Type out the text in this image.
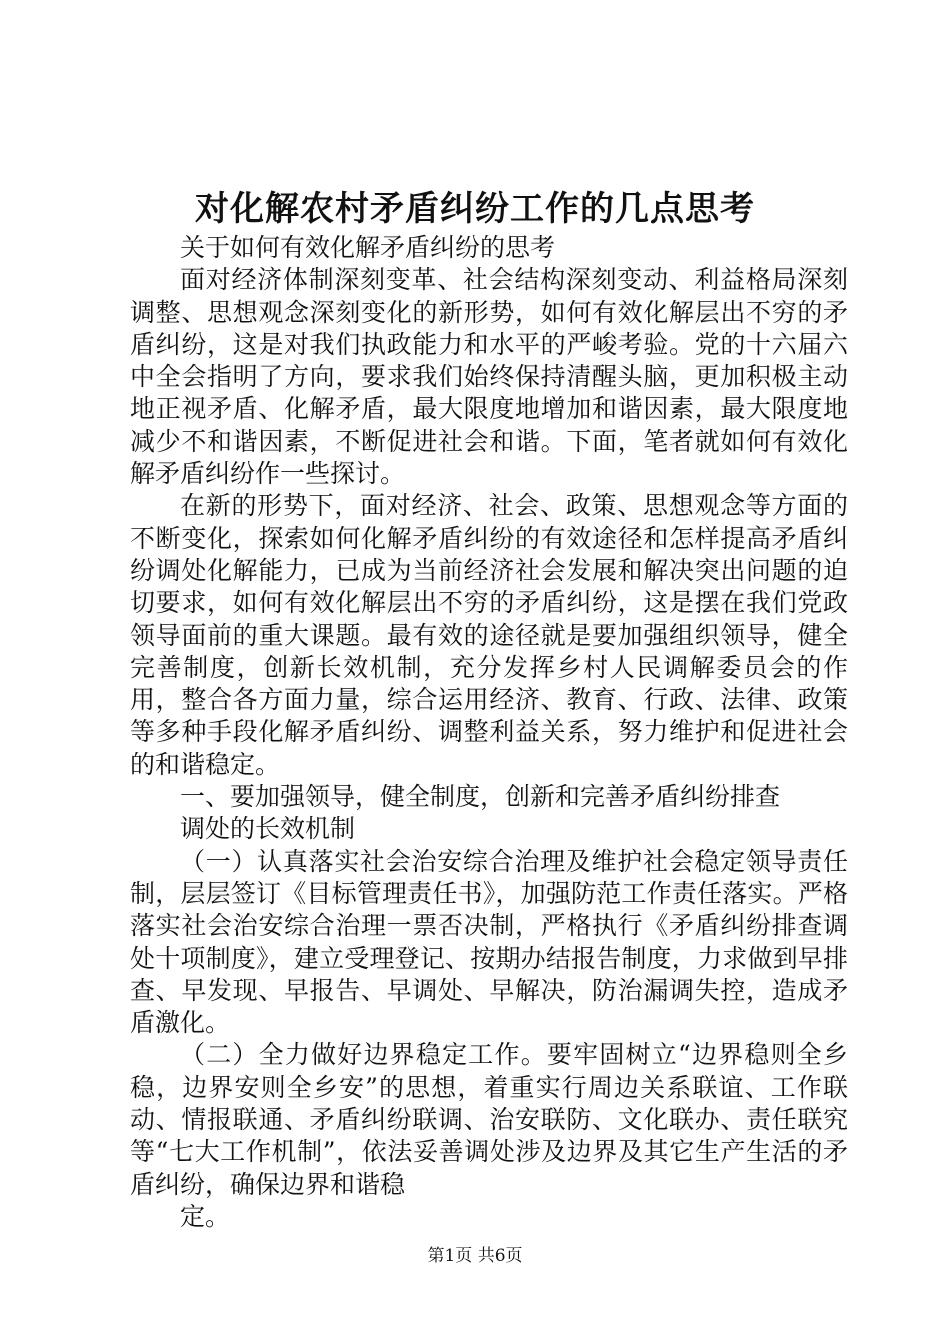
对化解农村矛盾纠纷工作的几点思考

关于如何有效化解矛盾纠纷的思考

面对经济体制深刻变革、社会结构深刻变动、利益格局深刻调整、思想观念深刻变化的新形势，如何有效化解层出不穷的矛盾纠纷，这是对我们执政能力和水平的严峻考验。党的十六届六中全会指明了方向，要求我们始终保持清醒头脑，更加积极主动地正视矛盾、化解矛盾，最大限度地增加和谐因素，最大限度地减少不和谐因素，不断促进社会和谐。下面，笔者就如何有效化解矛盾纠纷作一些探讨。

在新的形势下，面对经济、社会、政策、思想观念等方面的不断变化，探索如何化解矛盾纠纷的有效途径和怎样提高矛盾纠纷调处化解能力，已成为当前经济社会发展和解决突出问题的迫切要求，如何有效化解层出不穷的矛盾纠纷，这是摆在我们党政领导面前的重大课题。最有效的途径就是要加强组织领导，健全完善制度，创新长效机制，充分发挥乡村人民调解委员会的作用，整合各方面力量，综合运用经济、教育、行政、法律、政策等多种手段化解矛盾纠纷、调整利益关系，努力维护和促进社会的和谐稳定。

一、要加强领导，健全制度，创新和完善矛盾纠纷排查

调处的长效机制

（一）认真落实社会治安综合治理及维护社会稳定领导责任制，层层签订《目标管理责任书》，加强防范工作责任落实。严格落实社会治安综合治理一票否决制，严格执行《矛盾纠纷排查调处十项制度》，建立受理登记、按期办结报告制度，力求做到早排查、早发现、早报告、早调处、早解决，防治漏调失控，造成矛盾激化。

（二）全力做好边界稳定工作。要牢固树立“边界稳则全乡稳，边界安则全乡安”的思想，着重实行周边关系联谊、工作联动、情报联通、矛盾纠纷联调、治安联防、文化联办、责任联究等“七大工作机制”，依法妥善调处涉及边界及其它生产生活的矛盾纠纷，确保边界和谐稳

定。

第1页 共6页
